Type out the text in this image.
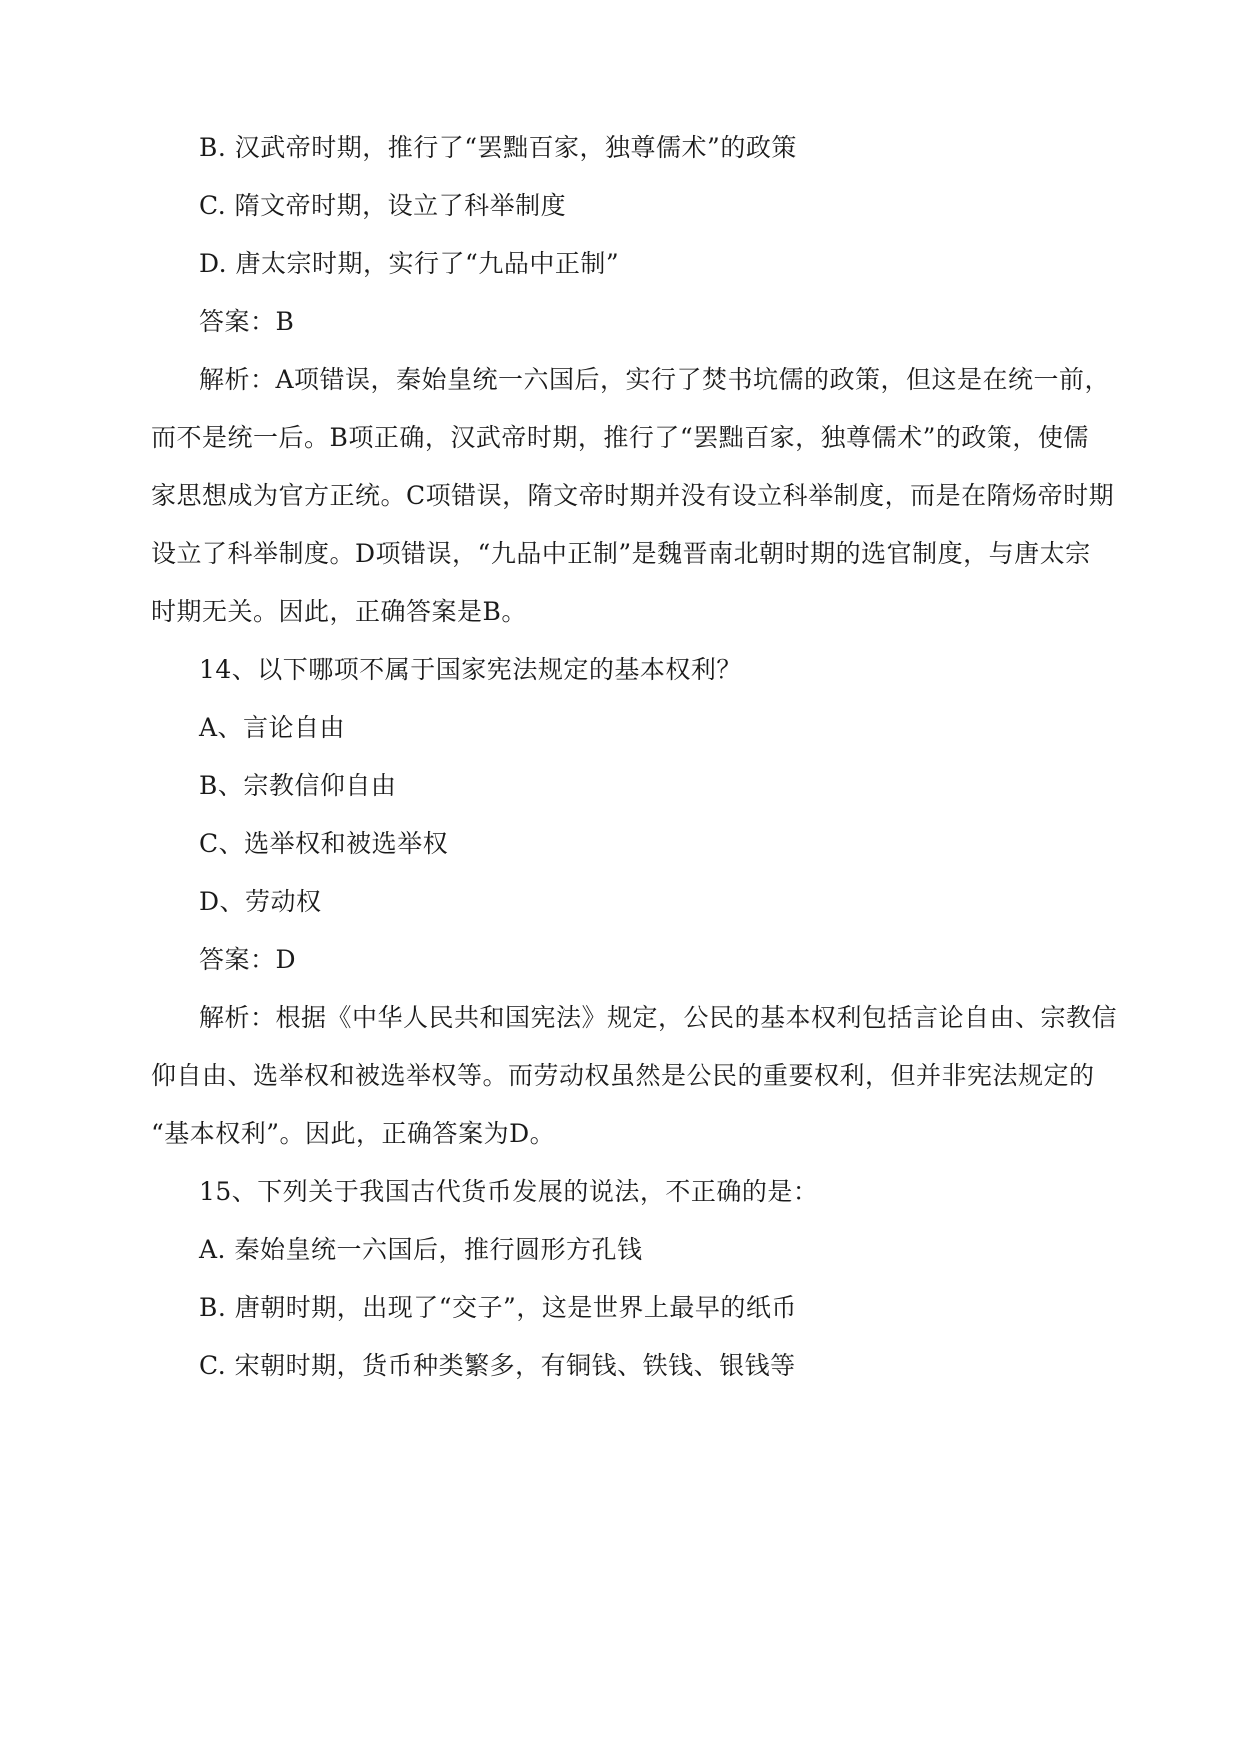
B. 汉武帝时期，推行了“罢黜百家，独尊儒术”的政策
C. 隋文帝时期，设立了科举制度
D. 唐太宗时期，实行了“九品中正制”
答案：B
解析：A项错误，秦始皇统一六国后，实行了焚书坑儒的政策，但这是在统一前，
而不是统一后。B项正确，汉武帝时期，推行了“罢黜百家，独尊儒术”的政策，使儒
家思想成为官方正统。C项错误，隋文帝时期并没有设立科举制度，而是在隋炀帝时期
设立了科举制度。D项错误，“九品中正制”是魏晋南北朝时期的选官制度，与唐太宗
时期无关。因此，正确答案是B。
14、以下哪项不属于国家宪法规定的基本权利？
A、言论自由
B、宗教信仰自由
C、选举权和被选举权
D、劳动权
答案：D
解析：根据《中华人民共和国宪法》规定，公民的基本权利包括言论自由、宗教信
仰自由、选举权和被选举权等。而劳动权虽然是公民的重要权利，但并非宪法规定的
“基本权利”。因此，正确答案为D。
15、下列关于我国古代货币发展的说法，不正确的是：
A. 秦始皇统一六国后，推行圆形方孔钱
B. 唐朝时期，出现了“交子”，这是世界上最早的纸币
C. 宋朝时期，货币种类繁多，有铜钱、铁钱、银钱等
